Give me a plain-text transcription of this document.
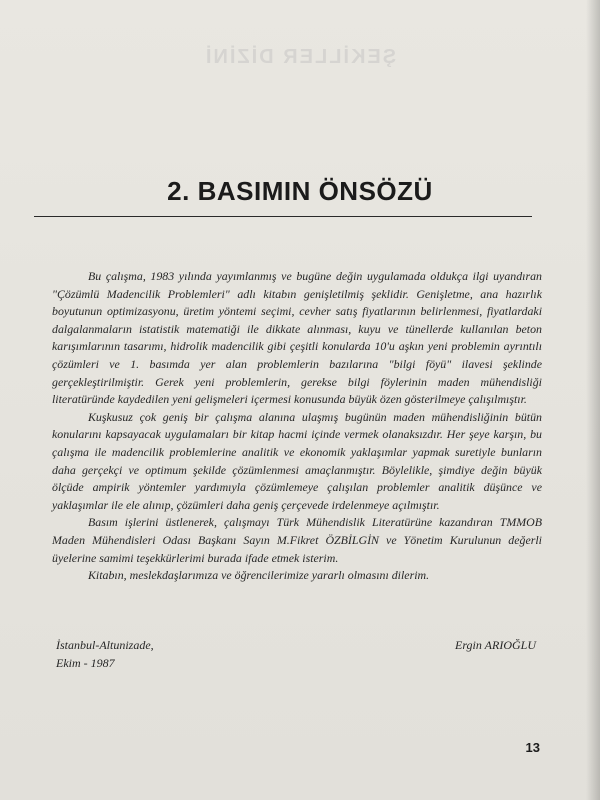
ŞEKİLLER DİZİNİ
2. BASIMIN ÖNSÖZÜ

Bu çalışma, 1983 yılında yayımlanmış ve bugüne değin uygulamada oldukça ilgi uyandıran "Çözümlü Madencilik Problemleri" adlı kitabın genişletilmiş şeklidir. Genişletme, ana hazırlık boyutunun optimizasyonu, üretim yöntemi seçimi, cevher satış fiyatlarının belirlenmesi, fiyatlardaki dalgalanmaların istatistik matematiği ile dikkate alınması, kuyu ve tünellerde kullanılan beton karışımlarının tasarımı, hidrolik madencilik gibi çeşitli konularda 10'u aşkın yeni problemin ayrıntılı çözümleri ve 1. basımda yer alan problemlerin bazılarına "bilgi föyü" ilavesi şeklinde gerçekleştirilmiştir. Gerek yeni problemlerin, gerekse bilgi föylerinin maden mühendisliği literatüründe kaydedilen yeni gelişmeleri içermesi konusunda büyük özen gösterilmeye çalışılmıştır.

Kuşkusuz çok geniş bir çalışma alanına ulaşmış bugünün maden mühendisliğinin bütün konularını kapsayacak uygulamaları bir kitap hacmi içinde vermek olanaksızdır. Her şeye karşın, bu çalışma ile madencilik problemlerine analitik ve ekonomik yaklaşımlar yapmak suretiyle bunların daha gerçekçi ve optimum şekilde çözümlenmesi amaçlanmıştır. Böylelikle, şimdiye değin büyük ölçüde ampirik yöntemler yardımıyla çözümlemeye çalışılan problemler analitik düşünce ve yaklaşımlar ile ele alınıp, çözümleri daha geniş çerçevede irdelenmeye açılmıştır.

Basım işlerini üstlenerek, çalışmayı Türk Mühendislik Literatürüne kazandıran TMMOB Maden Mühendisleri Odası Başkanı Sayın M.Fikret ÖZBİLGİN ve Yönetim Kurulunun değerli üyelerine samimi teşekkürlerimi burada ifade etmek isterim.

Kitabın, meslekdaşlarımıza ve öğrencilerimize yararlı olmasını dilerim.

İstanbul-Altunizade,
Ekim - 1987
Ergin ARIOĞLU
13
